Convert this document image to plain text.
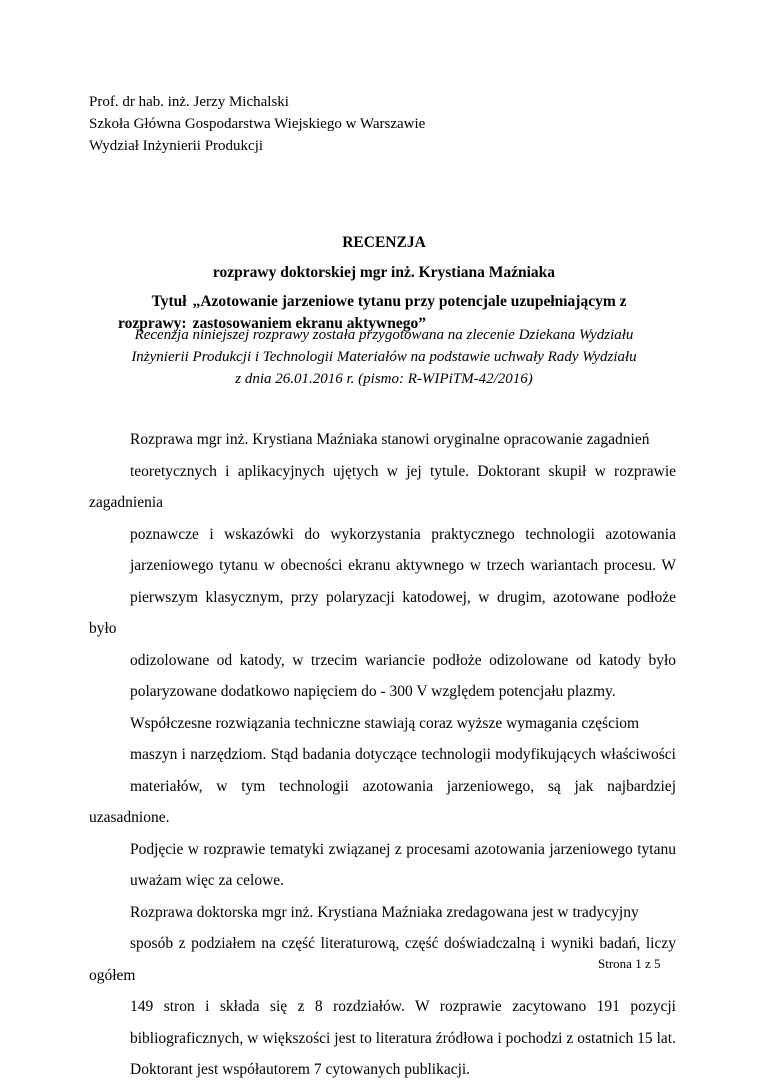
Prof. dr hab. inż. Jerzy Michalski
Szkoła Główna Gospodarstwa Wiejskiego w Warszawie
Wydział Inżynierii Produkcji
RECENZJA
rozprawy doktorskiej mgr inż. Krystiana Maźniaka
Tytuł
rozprawy:
„Azotowanie jarzeniowe tytanu przy potencjale uzupełniającym z
zastosowaniem ekranu aktywnego”
Recenzja niniejszej rozprawy została przygotowana na zlecenie Dziekana Wydziału
Inżynierii Produkcji i Technologii Materiałów na podstawie uchwały Rady Wydziału
z dnia 26.01.2016 r. (pismo: R-WIPiTM-42/2016)

Rozprawa mgr inż. Krystiana Maźniaka stanowi oryginalne opracowanie zagadnień
teoretycznych i aplikacyjnych ujętych w jej tytule. Doktorant skupił w rozprawie zagadnienia
poznawcze i wskazówki do wykorzystania praktycznego technologii azotowania
jarzeniowego tytanu w obecności ekranu aktywnego w trzech wariantach procesu. W
pierwszym klasycznym, przy polaryzacji katodowej, w drugim, azotowane podłoże było
odizolowane od katody, w trzecim wariancie podłoże odizolowane od katody było
polaryzowane dodatkowo napięciem do - 300 V względem potencjału plazmy.

Współczesne rozwiązania techniczne stawiają coraz wyższe wymagania częściom
maszyn i narzędziom. Stąd badania dotyczące technologii modyfikujących właściwości
materiałów, w tym technologii azotowania jarzeniowego, są jak najbardziej uzasadnione.
Podjęcie w rozprawie tematyki związanej z procesami azotowania jarzeniowego tytanu
uważam więc za celowe.

Rozprawa doktorska mgr inż. Krystiana Maźniaka zredagowana jest w tradycyjny
sposób z podziałem na część literaturową, część doświadczalną i wyniki badań, liczy ogółem
149 stron i składa się z 8 rozdziałów. W rozprawie zacytowano 191 pozycji
bibliograficznych, w większości jest to literatura źródłowa i pochodzi z ostatnich 15 lat.
Doktorant jest współautorem 7 cytowanych publikacji.

Strona 1 z 5
